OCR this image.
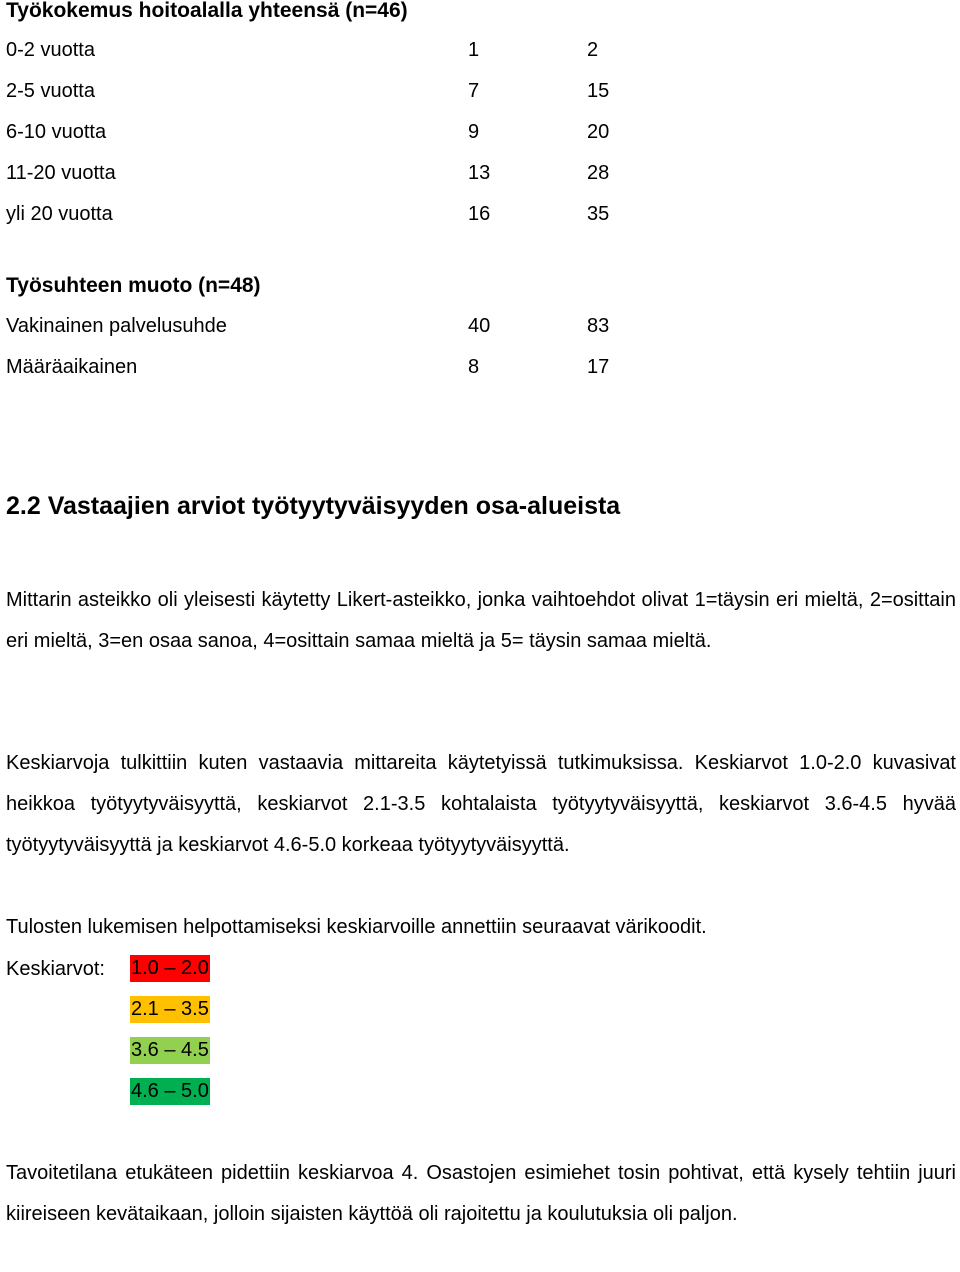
Työkokemus hoitoalalla yhteensä (n=46)
0-2 vuotta	1	2
2-5 vuotta	7	15
6-10 vuotta	9	20
11-20 vuotta	13	28
yli 20 vuotta	16	35
Työsuhteen muoto (n=48)
Vakinainen palvelusuhde	40	83
Määräaikainen	8	17
2.2 Vastaajien arviot työtyytyväisyyden osa-alueista

Mittarin asteikko oli yleisesti käytetty Likert-asteikko, jonka vaihtoehdot olivat 1=täysin eri mieltä, 2=osittain eri mieltä, 3=en osaa sanoa, 4=osittain samaa mieltä ja 5= täysin samaa mieltä.

Keskiarvoja tulkittiin kuten vastaavia mittareita käytetyissä tutkimuksissa. Keskiarvot 1.0-2.0 kuvasivat heikkoa työtyytyväisyyttä, keskiarvot 2.1-3.5 kohtalaista työtyytyväisyyttä, keskiarvot 3.6-4.5 hyvää työtyytyväisyyttä ja keskiarvot 4.6-5.0 korkeaa työtyytyväisyyttä.

Tulosten lukemisen helpottamiseksi keskiarvoille annettiin seuraavat värikoodit.

Keskiarvot: 1.0 – 2.0
2.1 – 3.5
3.6 – 4.5
4.6 – 5.0

Tavoitetilana etukäteen pidettiin keskiarvoa 4. Osastojen esimiehet tosin pohtivat, että kysely tehtiin juuri kiireiseen kevätaikaan, jolloin sijaisten käyttöä oli rajoitettu ja koulutuksia oli paljon.
